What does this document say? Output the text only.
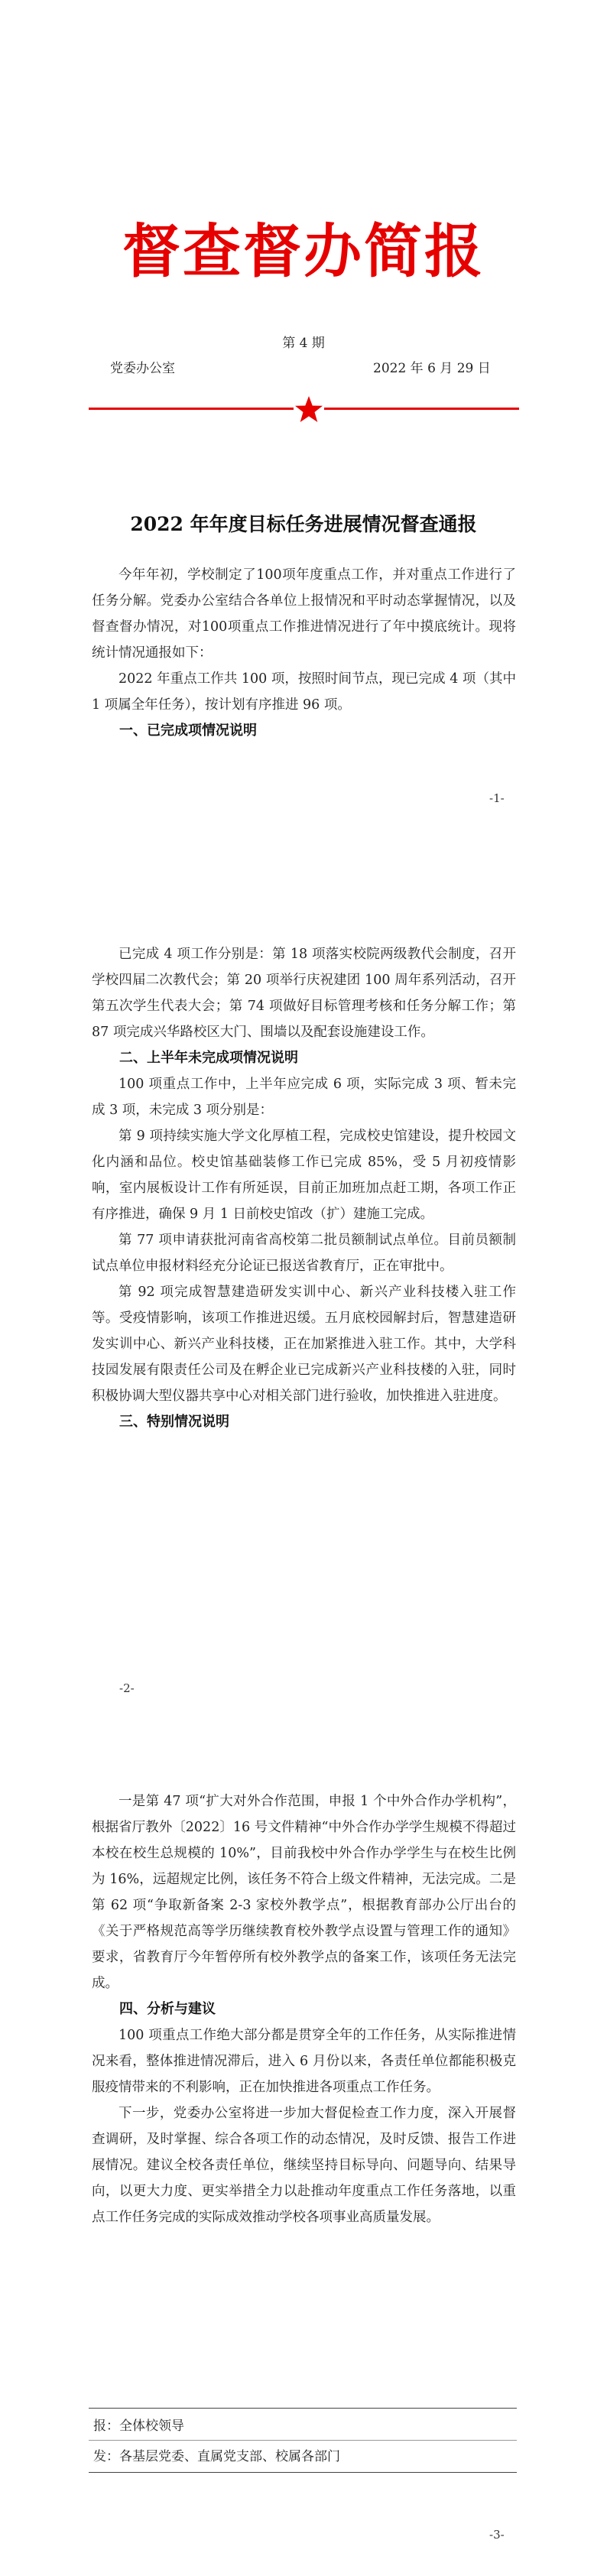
督查督办简报
第 4 期
党委办公室	2022 年 6 月 29 日
2022 年年度目标任务进展情况督查通报

今年年初，学校制定了100项年度重点工作，并对重点工作进行了任务分解。党委办公室结合各单位上报情况和平时动态掌握情况，以及督查督办情况，对100项重点工作推进情况进行了年中摸底统计。现将统计情况通报如下：

2022 年重点工作共 100 项，按照时间节点，现已完成 4 项（其中 1 项属全年任务），按计划有序推进 96 项。

一、已完成项情况说明

-1-

已完成 4 项工作分别是：第 18 项落实校院两级教代会制度，召开学校四届二次教代会；第 20 项举行庆祝建团 100 周年系列活动，召开第五次学生代表大会；第 74 项做好目标管理考核和任务分解工作；第 87 项完成兴华路校区大门、围墙以及配套设施建设工作。

二、上半年未完成项情况说明

100 项重点工作中，上半年应完成 6 项，实际完成 3 项、暂未完成 3 项，未完成 3 项分别是：

第 9 项持续实施大学文化厚植工程，完成校史馆建设，提升校园文化内涵和品位。校史馆基础装修工作已完成 85%，受 5 月初疫情影响，室内展板设计工作有所延误，目前正加班加点赶工期，各项工作正有序推进，确保 9 月 1 日前校史馆改（扩）建施工完成。

第 77 项申请获批河南省高校第二批员额制试点单位。目前员额制试点单位申报材料经充分论证已报送省教育厅，正在审批中。

第 92 项完成智慧建造研发实训中心、新兴产业科技楼入驻工作等。受疫情影响，该项工作推进迟缓。五月底校园解封后，智慧建造研发实训中心、新兴产业科技楼，正在加紧推进入驻工作。其中，大学科技园发展有限责任公司及在孵企业已完成新兴产业科技楼的入驻，同时积极协调大型仪器共享中心对相关部门进行验收，加快推进入驻进度。

三、特别情况说明

-2-

一是第 47 项“扩大对外合作范围，申报 1 个中外合作办学机构”，根据省厅教外〔2022〕16 号文件精神“中外合作办学学生规模不得超过本校在校生总规模的 10%”，目前我校中外合作办学学生与在校生比例为 16%，远超规定比例，该任务不符合上级文件精神，无法完成。二是第 62 项“争取新备案 2-3 家校外教学点”，根据教育部办公厅出台的《关于严格规范高等学历继续教育校外教学点设置与管理工作的通知》要求，省教育厅今年暂停所有校外教学点的备案工作，该项任务无法完成。

四、分析与建议

100 项重点工作绝大部分都是贯穿全年的工作任务，从实际推进情况来看，整体推进情况滞后，进入 6 月份以来，各责任单位都能积极克服疫情带来的不利影响，正在加快推进各项重点工作任务。

下一步，党委办公室将进一步加大督促检查工作力度，深入开展督查调研，及时掌握、综合各项工作的动态情况，及时反馈、报告工作进展情况。建议全校各责任单位，继续坚持目标导向、问题导向、结果导向，以更大力度、更实举措全力以赴推动年度重点工作任务落地，以重点工作任务完成的实际成效推动学校各项事业高质量发展。

报：全体校领导
发：各基层党委、直属党支部、校属各部门
-3-
